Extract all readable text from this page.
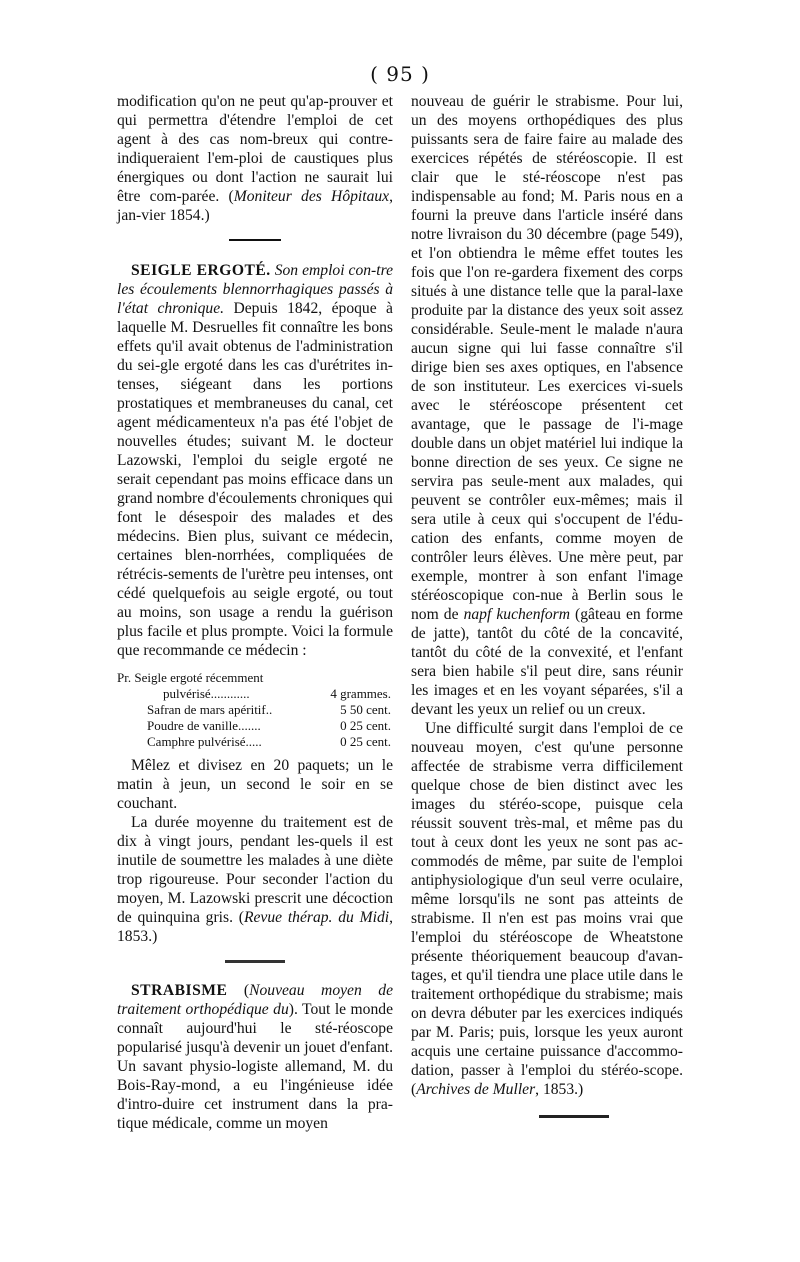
( 95 )

modification qu'on ne peut qu'ap-prouver et qui permettra d'étendre l'emploi de cet agent à des cas nom-breux qui contre-indiqueraient l'em-ploi de caustiques plus énergiques ou dont l'action ne saurait lui être com-parée. (Moniteur des Hôpitaux, jan-vier 1854.)

SEIGLE ERGOTÉ. Son emploi con-tre les écoulements blennorrhagiques passés à l'état chronique. Depuis 1842, époque à laquelle M. Desruelles fit connaître les bons effets qu'il avait obtenus de l'administration du sei-gle ergoté dans les cas d'urétrites in-tenses, siégeant dans les portions prostatiques et membraneuses du canal, cet agent médicamenteux n'a pas été l'objet de nouvelles études; suivant M. le docteur Lazowski, l'emploi du seigle ergoté ne serait cependant pas moins efficace dans un grand nombre d'écoulements chroniques qui font le désespoir des malades et des médecins. Bien plus, suivant ce médecin, certaines blen-norrhées, compliquées de rétrécis-sements de l'urètre peu intenses, ont cédé quelquefois au seigle ergoté, ou tout au moins, son usage a rendu la guérison plus facile et plus prompte. Voici la formule que recommande ce médecin :

Pr. Seigle ergoté récemment
pulvérisé............	4 grammes.
Safran de mars apéritif..	5 50 cent.
Poudre de vanille.......	0 25 cent.
Camphre pulvérisé.....	0 25 cent.

Mêlez et divisez en 20 paquets; un le matin à jeun, un second le soir en se couchant.

La durée moyenne du traitement est de dix à vingt jours, pendant les-quels il est inutile de soumettre les malades à une diète trop rigoureuse. Pour seconder l'action du moyen, M. Lazowski prescrit une décoction de quinquina gris. (Revue thérap. du Midi, 1853.)

STRABISME (Nouveau moyen de traitement orthopédique du). Tout le monde connaît aujourd'hui le sté-réoscope popularisé jusqu'à devenir un jouet d'enfant. Un savant physio-logiste allemand, M. du Bois-Ray-mond, a eu l'ingénieuse idée d'intro-duire cet instrument dans la pra-tique médicale, comme un moyen

nouveau de guérir le strabisme. Pour lui, un des moyens orthopédiques des plus puissants sera de faire faire au malade des exercices répétés de stéréoscopie. Il est clair que le sté-réoscope n'est pas indispensable au fond; M. Paris nous en a fourni la preuve dans l'article inséré dans notre livraison du 30 décembre (page 549), et l'on obtiendra le même effet toutes les fois que l'on re-gardera fixement des corps situés à une distance telle que la paral-laxe produite par la distance des yeux soit assez considérable. Seule-ment le malade n'aura aucun signe qui lui fasse connaître s'il dirige bien ses axes optiques, en l'absence de son instituteur. Les exercices vi-suels avec le stéréoscope présentent cet avantage, que le passage de l'i-mage double dans un objet matériel lui indique la bonne direction de ses yeux. Ce signe ne servira pas seule-ment aux malades, qui peuvent se contrôler eux-mêmes; mais il sera utile à ceux qui s'occupent de l'édu-cation des enfants, comme moyen de contrôler leurs élèves. Une mère peut, par exemple, montrer à son enfant l'image stéréoscopique con-nue à Berlin sous le nom de napf kuchenform (gâteau en forme de jatte), tantôt du côté de la concavité, tantôt du côté de la convexité, et l'enfant sera bien habile s'il peut dire, sans réunir les images et en les voyant séparées, s'il a devant les yeux un relief ou un creux.

Une difficulté surgit dans l'emploi de ce nouveau moyen, c'est qu'une personne affectée de strabisme verra difficilement quelque chose de bien distinct avec les images du stéréo-scope, puisque cela réussit souvent très-mal, et même pas du tout à ceux dont les yeux ne sont pas ac-commodés de même, par suite de l'emploi antiphysiologique d'un seul verre oculaire, même lorsqu'ils ne sont pas atteints de strabisme. Il n'en est pas moins vrai que l'emploi du stéréoscope de Wheatstone présente théoriquement beaucoup d'avan-tages, et qu'il tiendra une place utile dans le traitement orthopédique du strabisme; mais on devra débuter par les exercices indiqués par M. Paris; puis, lorsque les yeux auront acquis une certaine puissance d'accommo-dation, passer à l'emploi du stéréo-scope. (Archives de Muller, 1853.)
